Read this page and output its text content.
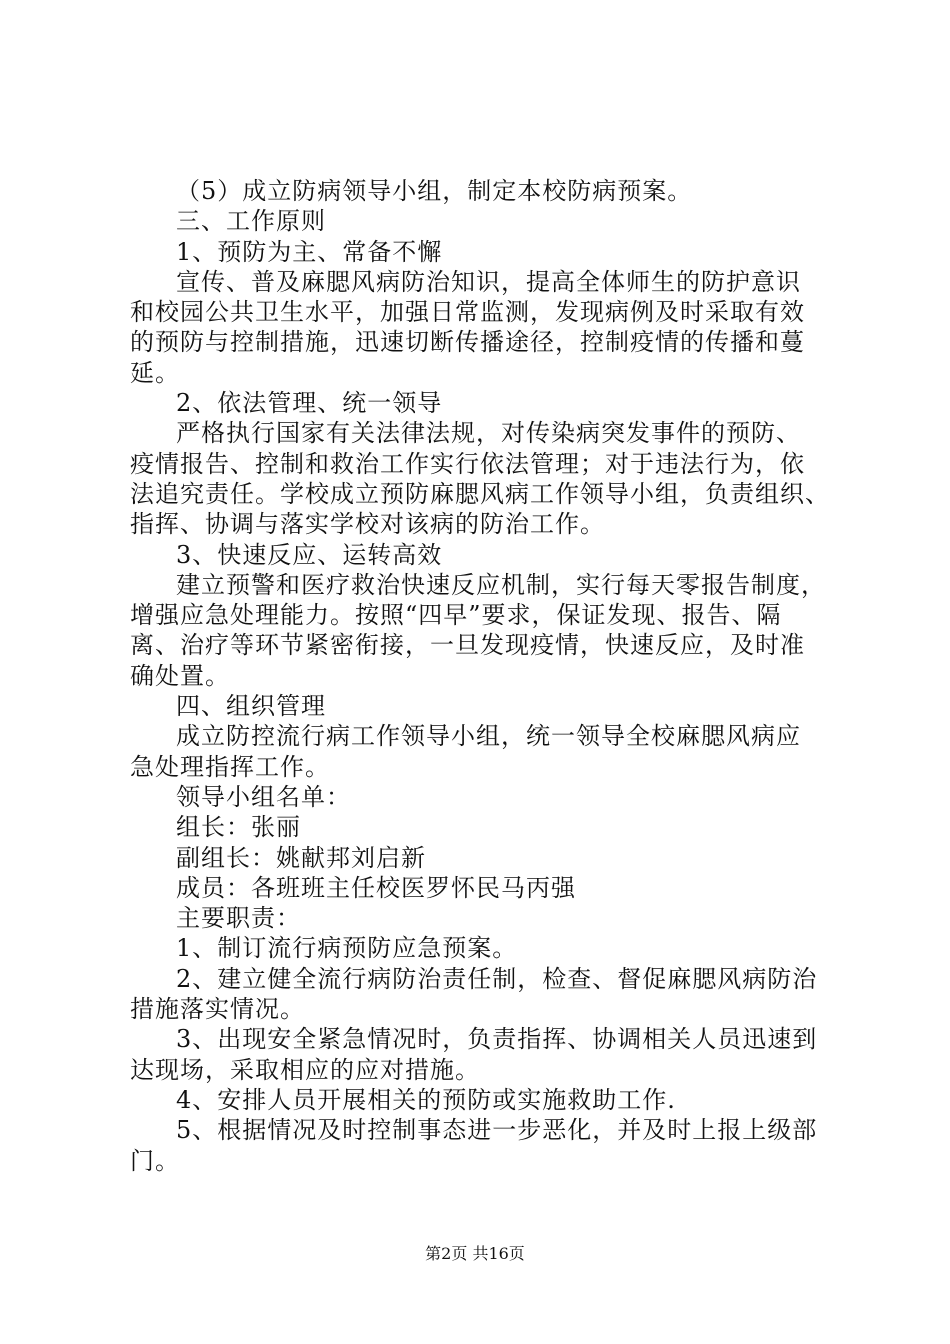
（5）成立防病领导小组，制定本校防病预案。
三、工作原则
1、预防为主、常备不懈
宣传、普及麻腮风病防治知识，提高全体师生的防护意识
和校园公共卫生水平，加强日常监测，发现病例及时采取有效
的预防与控制措施，迅速切断传播途径，控制疫情的传播和蔓
延。
2、依法管理、统一领导
严格执行国家有关法律法规，对传染病突发事件的预防、
疫情报告、控制和救治工作实行依法管理；对于违法行为，依
法追究责任。学校成立预防麻腮风病工作领导小组，负责组织、
指挥、协调与落实学校对该病的防治工作。
3、快速反应、运转高效
建立预警和医疗救治快速反应机制，实行每天零报告制度，
增强应急处理能力。按照“四早”要求，保证发现、报告、隔
离、治疗等环节紧密衔接，一旦发现疫情，快速反应，及时准
确处置。
四、组织管理
成立防控流行病工作领导小组，统一领导全校麻腮风病应
急处理指挥工作。
领导小组名单：
组长：张丽
副组长：姚献邦刘启新
成员：各班班主任校医罗怀民马丙强
主要职责：
1、制订流行病预防应急预案。
2、建立健全流行病防治责任制，检查、督促麻腮风病防治
措施落实情况。
3、出现安全紧急情况时，负责指挥、协调相关人员迅速到
达现场，采取相应的应对措施。
4、安排人员开展相关的预防或实施救助工作.
5、根据情况及时控制事态进一步恶化，并及时上报上级部
门。
第2页 共16页
